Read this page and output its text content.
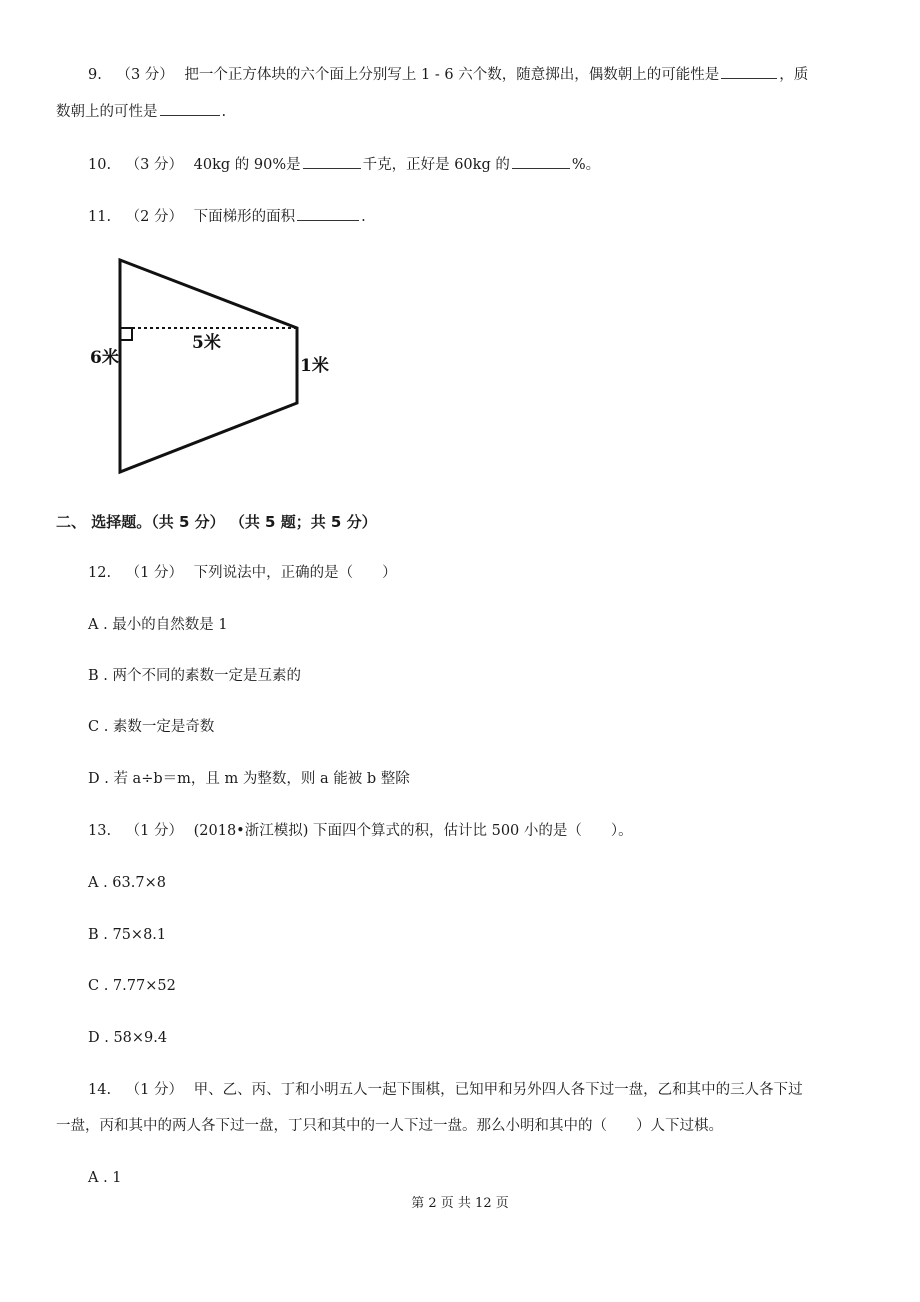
9. （3 分） 把一个正方体块的六个面上分别写上 1 - 6 六个数，随意掷出，偶数朝上的可能性是	，质
数朝上的可性是	.
10. （3 分） 40kg 的 90%是	千克，正好是 60kg 的	%。
11. （2 分） 下面梯形的面积	.
6米
5米
1米
二、 选择题。（共 5 分） （共 5 题；共 5 分）
12. （1 分） 下列说法中，正确的是（　　）
A . 最小的自然数是 1
B . 两个不同的素数一定是互素的
C . 素数一定是奇数
D . 若 a÷b＝m，且 m 为整数，则 a 能被 b 整除
13. （1 分） (2018•浙江模拟) 下面四个算式的积，估计比 500 小的是（　　）。
A . 63.7×8
B . 75×8.1
C . 7.77×52
D . 58×9.4
14. （1 分） 甲、乙、丙、丁和小明五人一起下围棋，已知甲和另外四人各下过一盘，乙和其中的三人各下过
一盘，丙和其中的两人各下过一盘，丁只和其中的一人下过一盘。那么小明和其中的（　　）人下过棋。
A . 1
第 2 页 共 12 页
